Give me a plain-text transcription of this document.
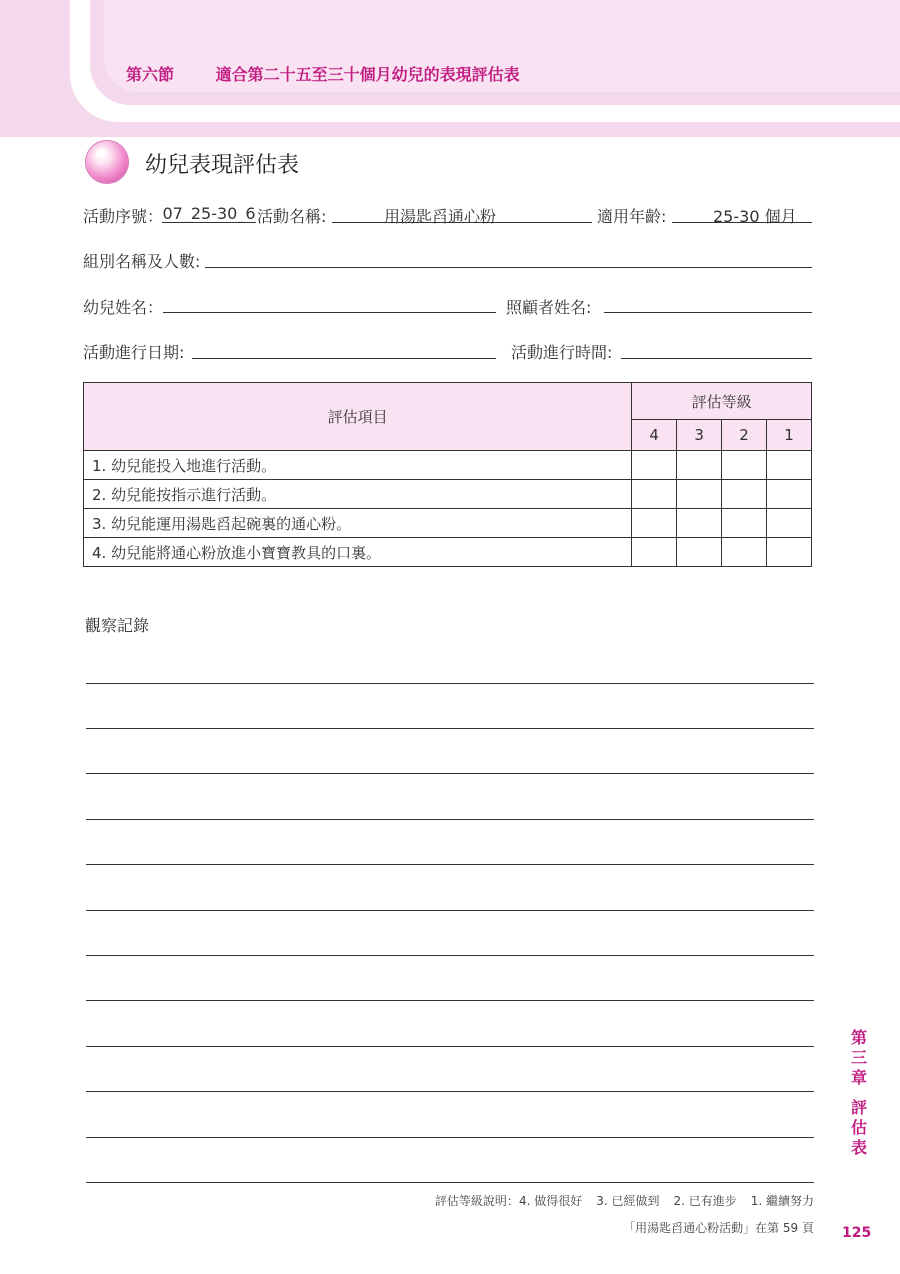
第六節	適合第二十五至三十個月幼兒的表現評估表
幼兒表現評估表
活動序號： 07_25-30_6 活動名稱:	用湯匙舀通心粉	適用年齡:	25-30 個月
組別名稱及人數:
幼兒姓名：	照顧者姓名:
活動進行日期:	活動進行時間:
評估項目	評估等級			
	4	3	2	1
1. 幼兒能投入地進行活動。				
2. 幼兒能按指示進行活動。				
3. 幼兒能運用湯匙舀起碗裏的通心粉。				
4. 幼兒能將通心粉放進小寶寶教具的口裏。				
觀察記錄
評估等級說明：4. 做得很好 3. 已經做到 2. 已有進步 1. 繼續努力
「用湯匙舀通心粉活動」在第 59 頁 125
第三章
評估表
